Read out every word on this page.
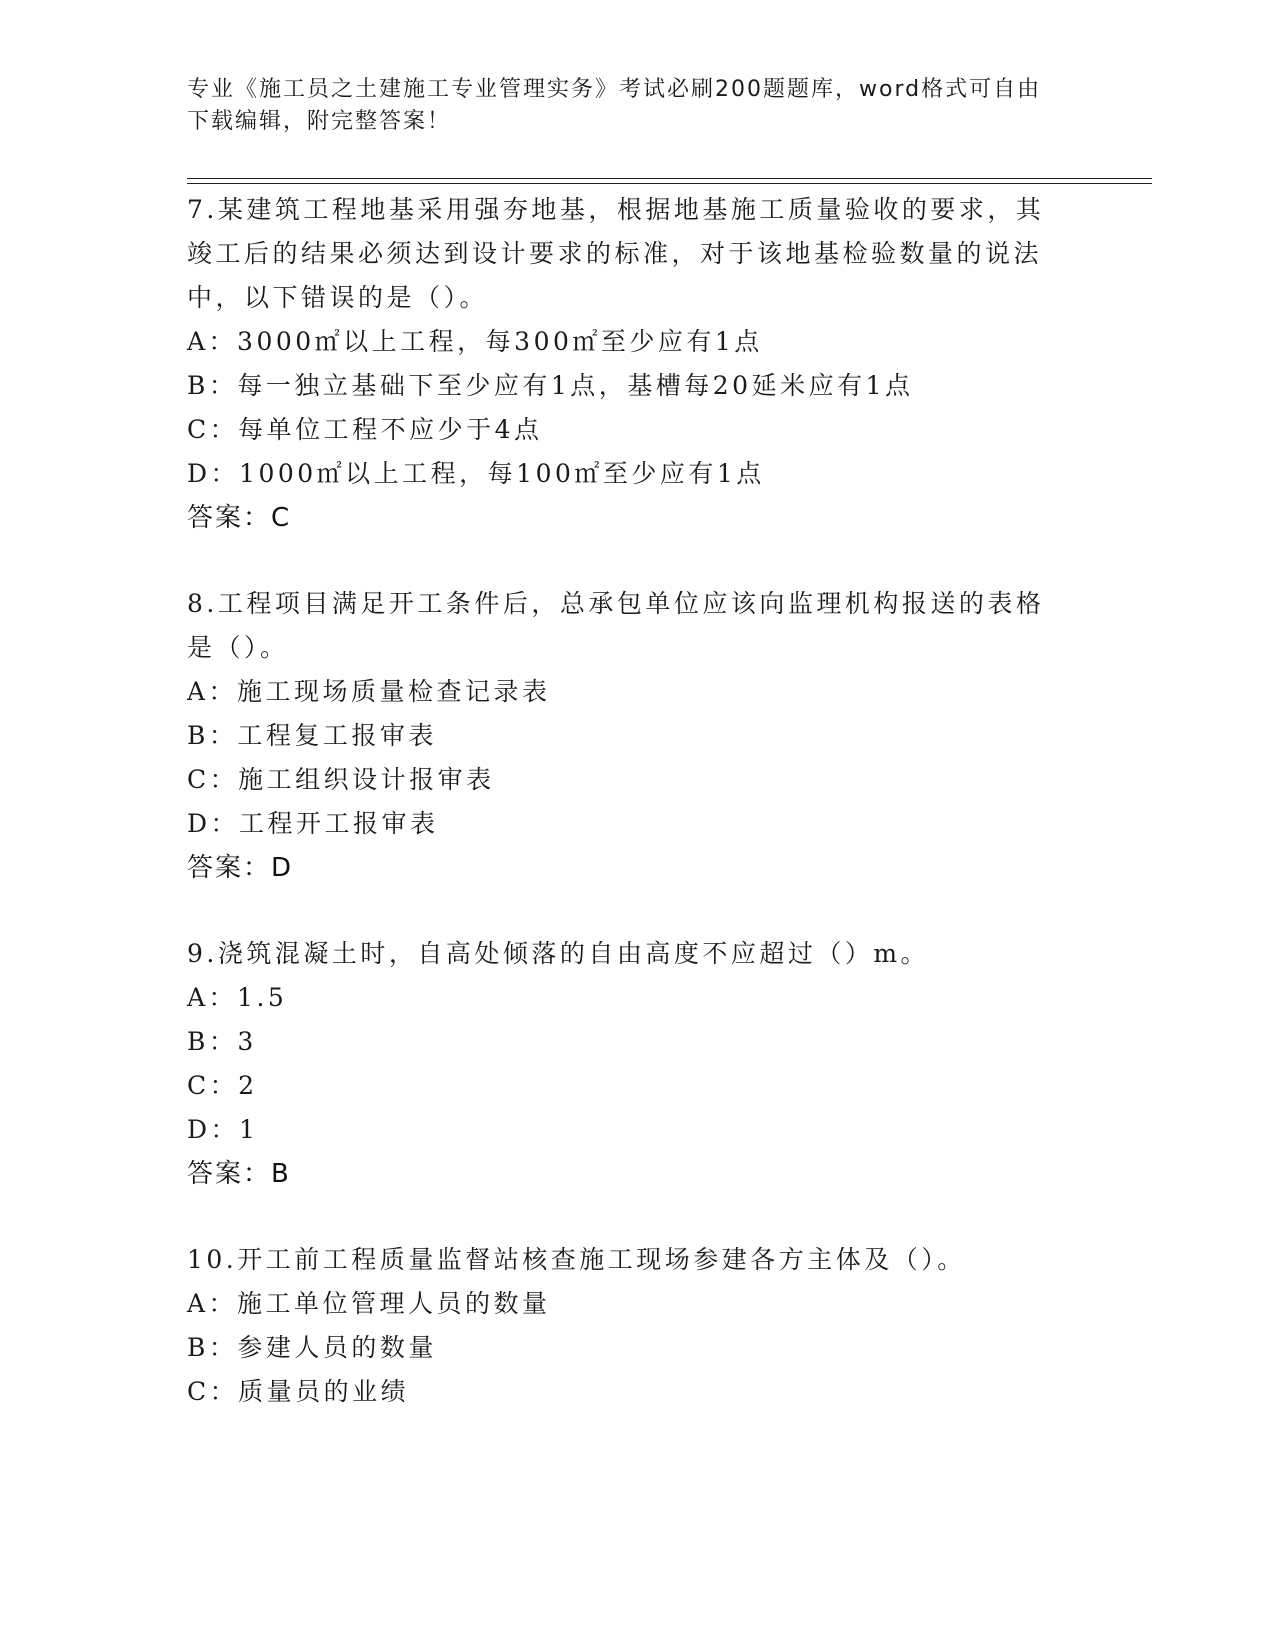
专业《施工员之土建施工专业管理实务》考试必刷200题题库，word格式可自由
下载编辑，附完整答案！
7.某建筑工程地基采用强夯地基，根据地基施工质量验收的要求，其
竣工后的结果必须达到设计要求的标准，对于该地基检验数量的说法
中，以下错误的是（）。
A：3000㎡以上工程，每300㎡至少应有1点
B：每一独立基础下至少应有1点，基槽每20延米应有1点
C：每单位工程不应少于4点
D：1000㎡以上工程，每100㎡至少应有1点
答案：C
8.工程项目满足开工条件后，总承包单位应该向监理机构报送的表格
是（）。
A：施工现场质量检查记录表
B：工程复工报审表
C：施工组织设计报审表
D：工程开工报审表
答案：D
9.浇筑混凝土时，自高处倾落的自由高度不应超过（）m。
A：1.5
B：3
C：2
D：1
答案：B
10.开工前工程质量监督站核查施工现场参建各方主体及（）。
A：施工单位管理人员的数量
B：参建人员的数量
C：质量员的业绩
